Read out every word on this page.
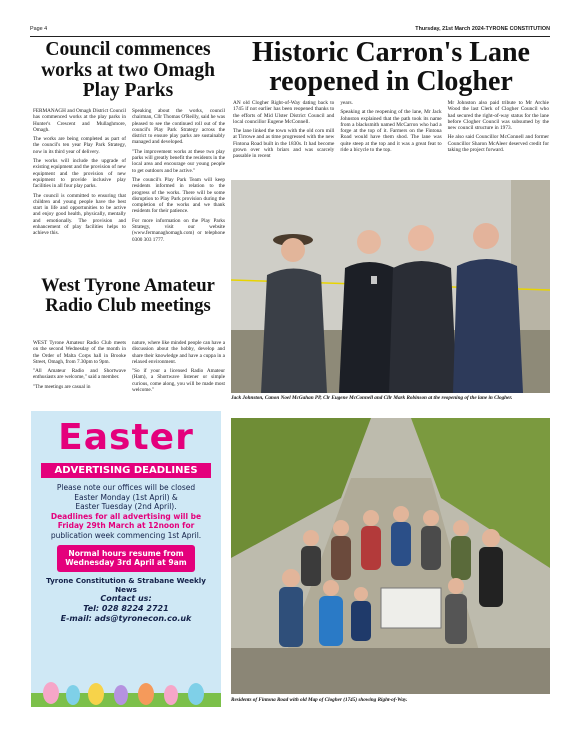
Page 4	Thursday, 21st March 2024-TYRONE CONSTITUTION
Council commences works at two Omagh Play Parks

FERMANAGH and Omagh District Council has commenced works at the play parks in Hunter's Crescent and Mullaghmore, Omagh.

The works are being completed as part of the council's ten year Play Park Strategy, now in its third year of delivery.

The works will include the upgrade of existing equipment and the provision of new equipment and the provision of new equipment to provide inclusive play facilities in all four play parks.

The council is committed to ensuring that children and young people have the best start in life and opportunities to be active and enjoy good health, physically, mentally and emotionally. The provision and enhancement of play facilities helps to achieve this.

Speaking about the works, council chairman, Cllr Thomas O'Reilly, said he was pleased to see the continued roll out of the council's Play Park Strategy across the district to ensure play parks are sustainably managed and developed.

"The improvement works at these two play parks will greatly benefit the residents in the local area and encourage our young people to get outdoors and be active."

The council's Play Park Team will keep residents informed in relation to the progress of the works. There will be some disruption to Play Park provision during the completion of the works and we thank residents for their patience.

For more information on the Play Parks Strategy, visit our website (www.fermanaghomagh.com) or telephone 0300 303 1777.

West Tyrone Amateur Radio Club meetings

WEST Tyrone Amateur Radio Club meets on the second Wednesday of the month in the Order of Malta Corps hall in Brooke Street, Omagh, from 7.30pm to 9pm.

"All Amateur Radio and Shortwave enthusiasts are welcome," said a member.

"The meetings are casual in

nature, where like minded people can have a discussion about the hobby, develop and share their knowledge and have a cuppa in a relaxed environment.

"So if your a licensed Radio Amateur (Ham), a Shortwave listener or simple curious, come along, you will be made most welcome."

Historic Carron's Lane reopened in Clogher

AN old Clogher Right-of-Way dating back to 1745 if not earlier has been reopened thanks to the efforts of Mid Ulster District Council and local councillor Eugene McConnell.

The lane linked the town with the old corn mill at Tirrowe and as time progressed with the new Fintona Road built in the 1830s. It had become grown over with briars and was scarcely passable in recent

years.

Speaking at the reopening of the lane, Mr Jack Johnston explained that the path took its name from a blacksmith named McCarron who had a forge at the top of it. Farmers on the Fintona Road would have them shod. The lane was quite steep at the top and it was a great feat to ride a bicycle to the top.

Mr Johnston also paid tribute to Mr Archie Wood the last Clerk of Clogher Council who had secured the right-of-way status for the lane before Clogher Council was subsumed by the new council structure in 1973.

He also said Councillor McConnell and former Councillor Sharon McAleer deserved credit for taking the project forward.

Jack Johnston, Canon Noel McGahan PP, Clr Eugene McConnell and Cllr Mark Robinson at the reopening of the lane in Clogher.
Residents of Fintona Road with old Map of Clogher (1745) showing Right-of-Way.
Easter
ADVERTISING DEADLINES
Please note our offices will be closed
Easter Monday (1st April) &
Easter Tuesday (2nd April).
Deadlines for all advertising will be
Friday 29th March at 12noon for
publication week commencing 1st April.
Normal hours resume from
Wednesday 3rd April at 9am
Tyrone Constitution & Strabane Weekly News
Contact us:
Tel: 028 8224 2721
E-mail: ads@tyronecon.co.uk
